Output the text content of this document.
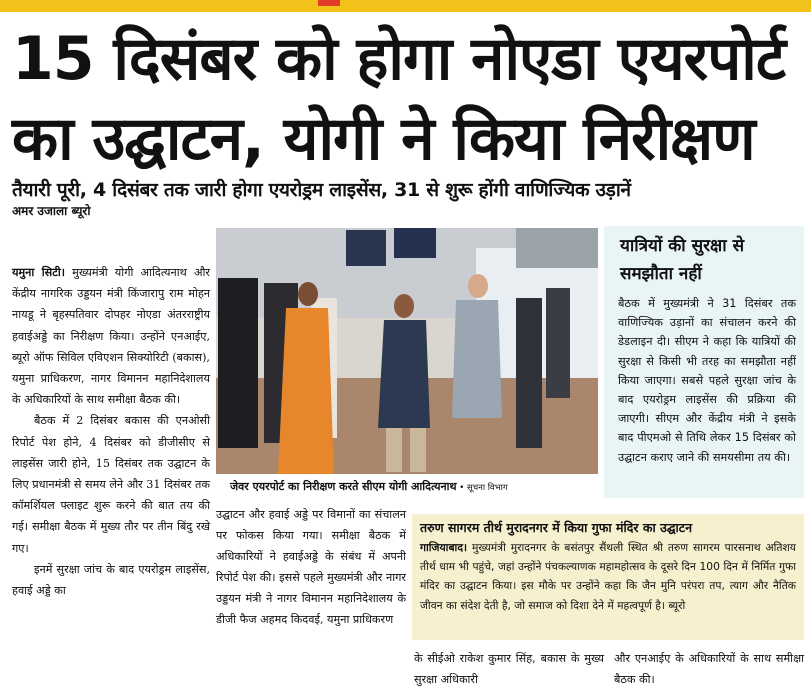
15 दिसंबर को होगा नोएडा एयरपोर्ट
का उद्घाटन, योगी ने किया निरीक्षण
तैयारी पूरी, 4 दिसंबर तक जारी होगा एयरोड्रम लाइसेंस, 31 से शुरू होंगी वाणिज्यिक उड़ानें
अमर उजाला ब्यूरो

यमुना सिटी। मुख्यमंत्री योगी आदित्यनाथ और केंद्रीय नागरिक उड्डयन मंत्री किंजारापु राम मोहन नायडू ने बृहस्पतिवार दोपहर नोएडा अंतरराष्ट्रीय हवाईअड्डे का निरीक्षण किया। उन्होंने एनआईए, ब्यूरो ऑफ सिविल एविएशन सिक्योरिटी (बकास), यमुना प्राधिकरण, नागर विमानन महानिदेशालय के अधिकारियों के साथ समीक्षा बैठक की।

बैठक में 2 दिसंबर बकास की एनओसी रिपोर्ट पेश होने, 4 दिसंबर को डीजीसीए से लाइसेंस जारी होने, 15 दिसंबर तक उद्घाटन के लिए प्रधानमंत्री से समय लेने और 31 दिसंबर तक कॉमर्शियल फ्लाइट शुरू करने की बात तय की गई। समीक्षा बैठक में मुख्य तौर पर तीन बिंदु रखे गए।

इनमें सुरक्षा जांच के बाद एयरोड्रम लाइसेंस, हवाई अड्डे का

जेवर एयरपोर्ट का निरीक्षण करते सीएम योगी आदित्यनाथ • सूचना विभाग
यात्रियों की सुरक्षा से समझौता नहीं
बैठक में मुख्यमंत्री ने 31 दिसंबर तक वाणिज्यिक उड़ानों का संचालन करने की डेडलाइन दी। सीएम ने कहा कि यात्रियों की सुरक्षा से किसी भी तरह का समझौता नहीं किया जाएगा। सबसे पहले सुरक्षा जांच के बाद एयरोड्रम लाइसेंस की प्रक्रिया की जाएगी। सीएम और केंद्रीय मंत्री ने इसके बाद पीएमओ से तिथि लेकर 15 दिसंबर को उद्घाटन कराए जाने की समयसीमा तय की।
उद्घाटन और हवाई अड्डे पर विमानों का संचालन पर फोकस किया गया। समीक्षा बैठक में अधिकारियों ने हवाईअड्डे के संबंध में अपनी रिपोर्ट पेश की। इससे पहले मुख्यमंत्री और नागर उड्डयन मंत्री ने नागर विमानन महानिदेशालय के डीजी फैज अहमद किदवई, यमुना प्राधिकरण
तरुण सागरम तीर्थ मुरादनगर में किया गुफा मंदिर का उद्घाटन
गाजियाबाद। मुख्यमंत्री मुरादनगर के बसंतपुर सैंथली स्थित श्री तरुण सागरम पारसनाथ अतिशय तीर्थ धाम भी पहुंचे, जहां उन्होंने पंचकल्याणक महामहोत्सव के दूसरे दिन 100 दिन में निर्मित गुफा मंदिर का उद्घाटन किया। इस मौके पर उन्होंने कहा कि जैन मुनि परंपरा तप, त्याग और नैतिक जीवन का संदेश देती है, जो समाज को दिशा देने में महत्वपूर्ण है। ब्यूरो
के सीईओ राकेश कुमार सिंह, बकास के मुख्य सुरक्षा अधिकारी
और एनआईए के अधिकारियों के साथ समीक्षा बैठक की।
